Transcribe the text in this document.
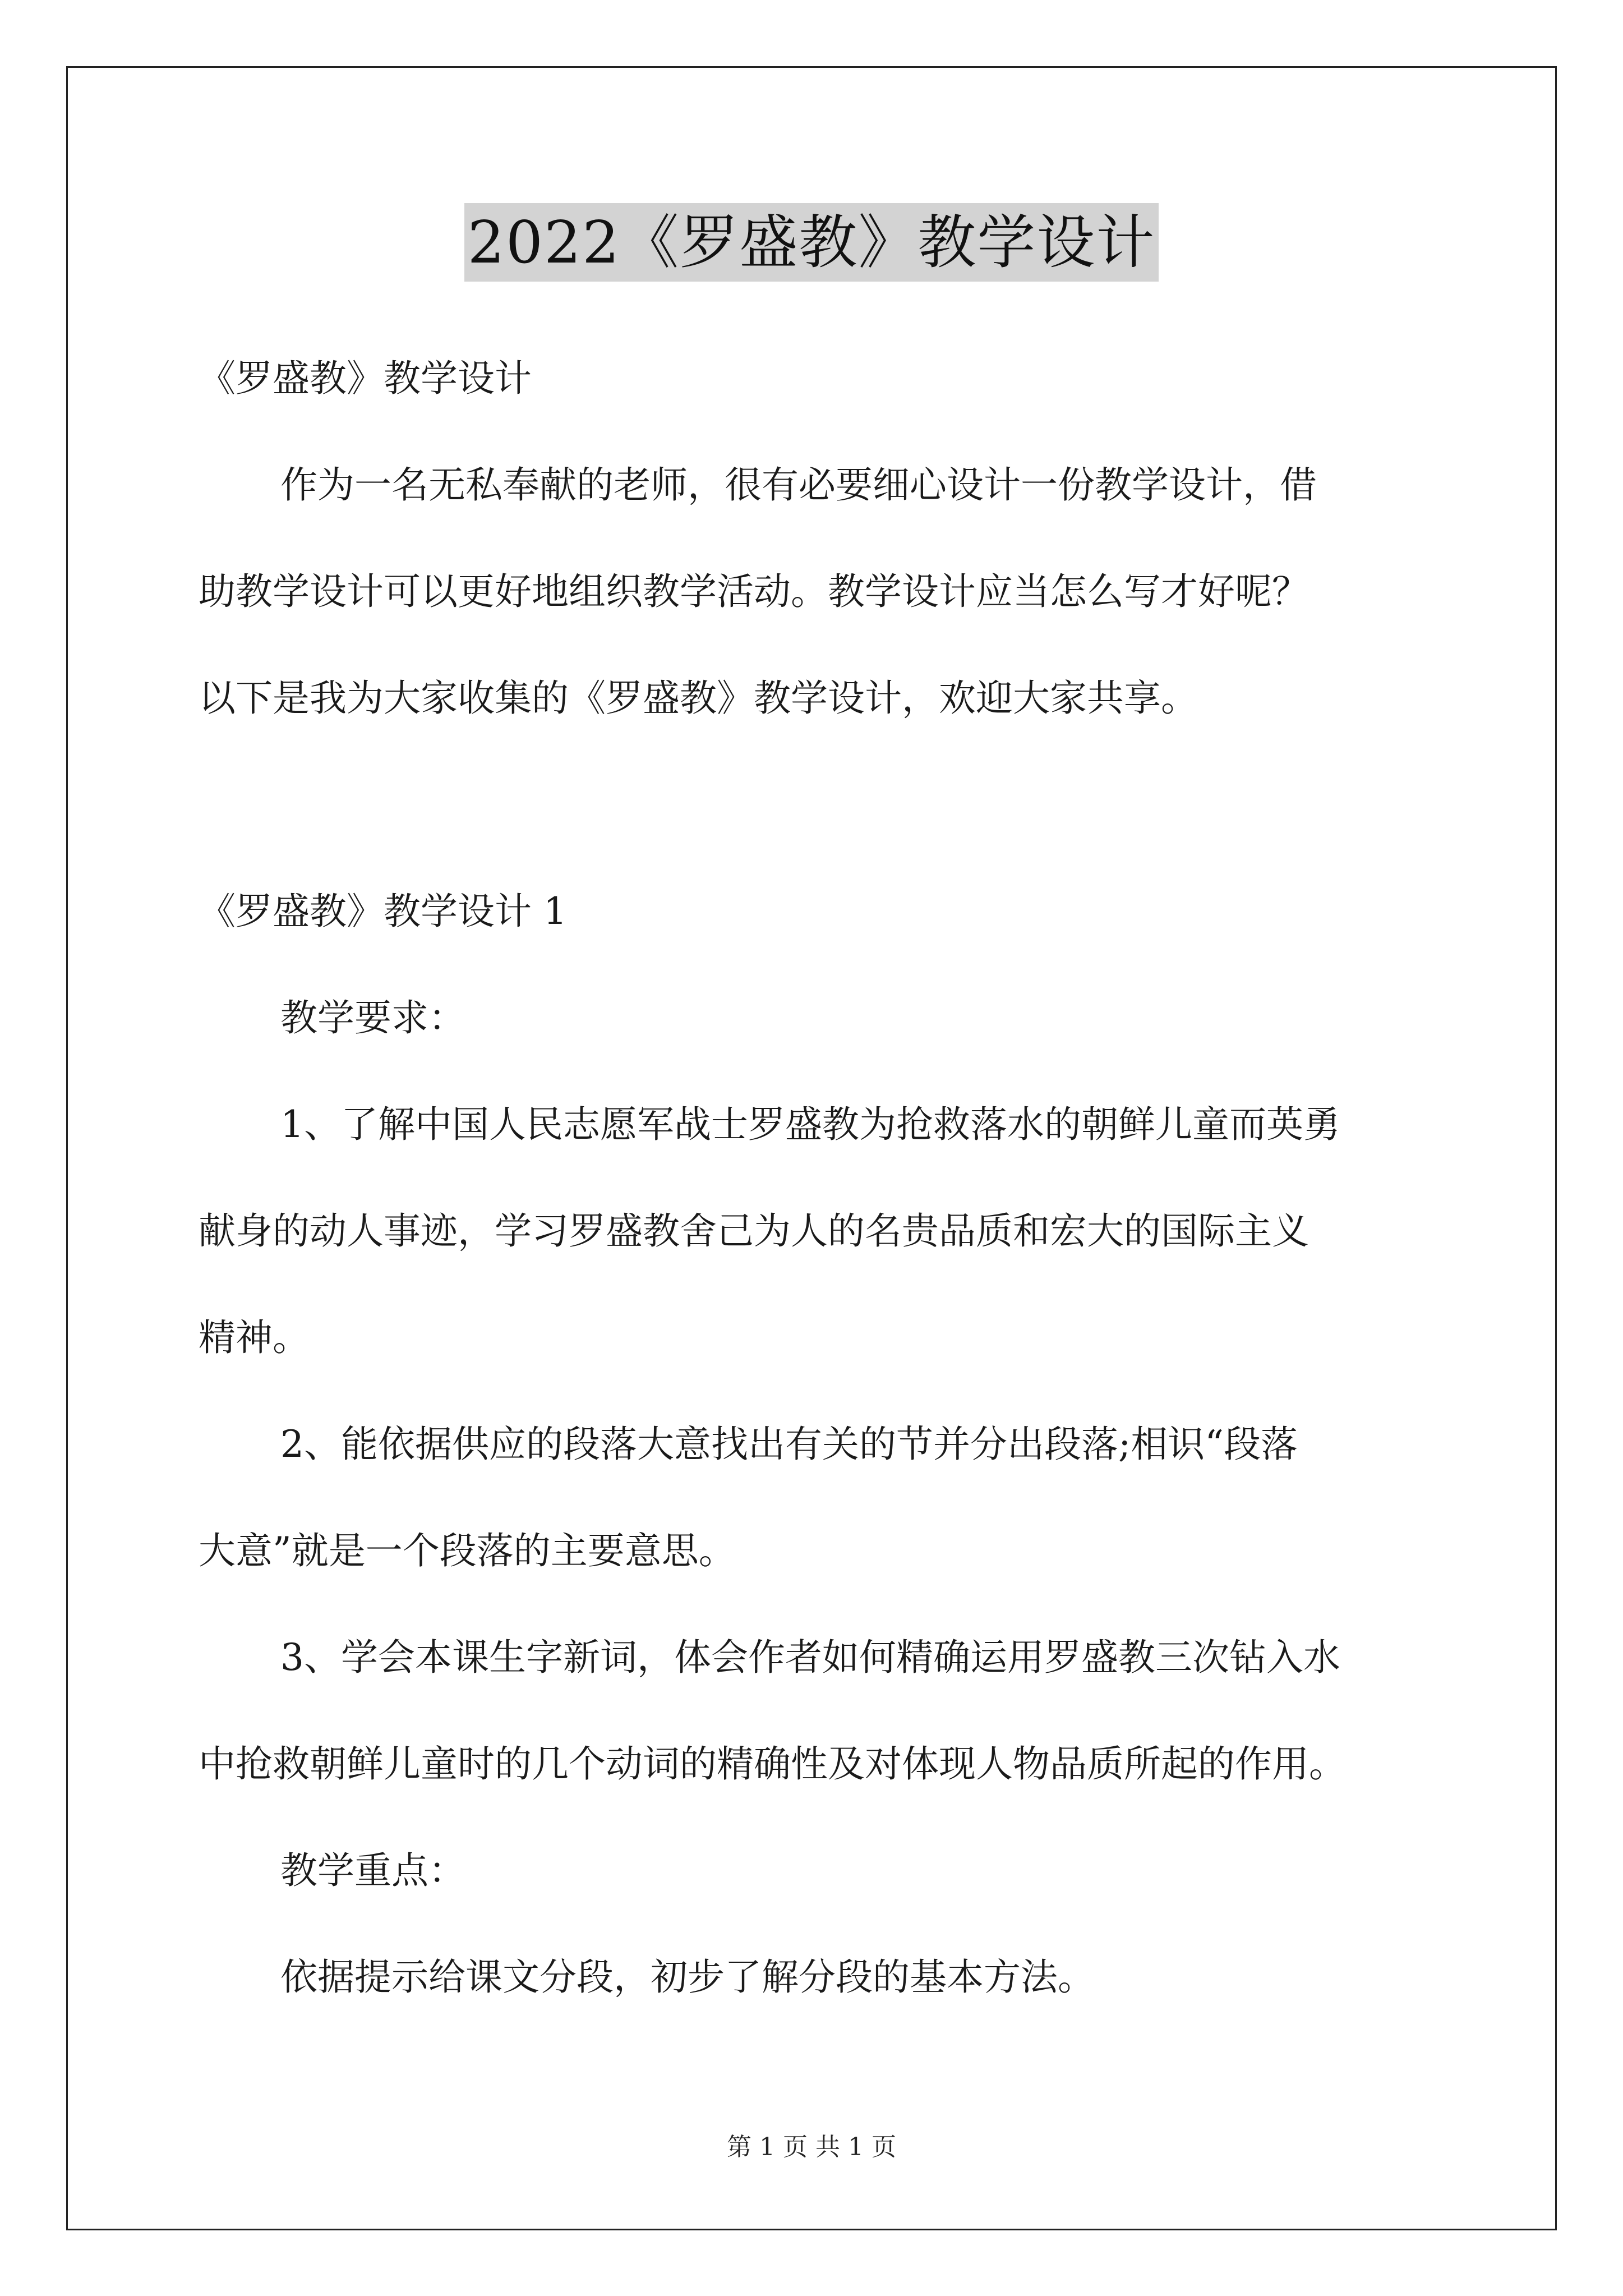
2022《罗盛教》教学设计
《罗盛教》教学设计
作为一名无私奉献的老师，很有必要细心设计一份教学设计，借
助教学设计可以更好地组织教学活动。教学设计应当怎么写才好呢？
以下是我为大家收集的《罗盛教》教学设计，欢迎大家共享。
《罗盛教》教学设计 1
教学要求：
1、了解中国人民志愿军战士罗盛教为抢救落水的朝鲜儿童而英勇
献身的动人事迹，学习罗盛教舍己为人的名贵品质和宏大的国际主义
精神。
2、能依据供应的段落大意找出有关的节并分出段落;相识“段落
大意”就是一个段落的主要意思。
3、学会本课生字新词，体会作者如何精确运用罗盛教三次钻入水
中抢救朝鲜儿童时的几个动词的精确性及对体现人物品质所起的作用。
教学重点：
依据提示给课文分段，初步了解分段的基本方法。
第 1 页 共 1 页
